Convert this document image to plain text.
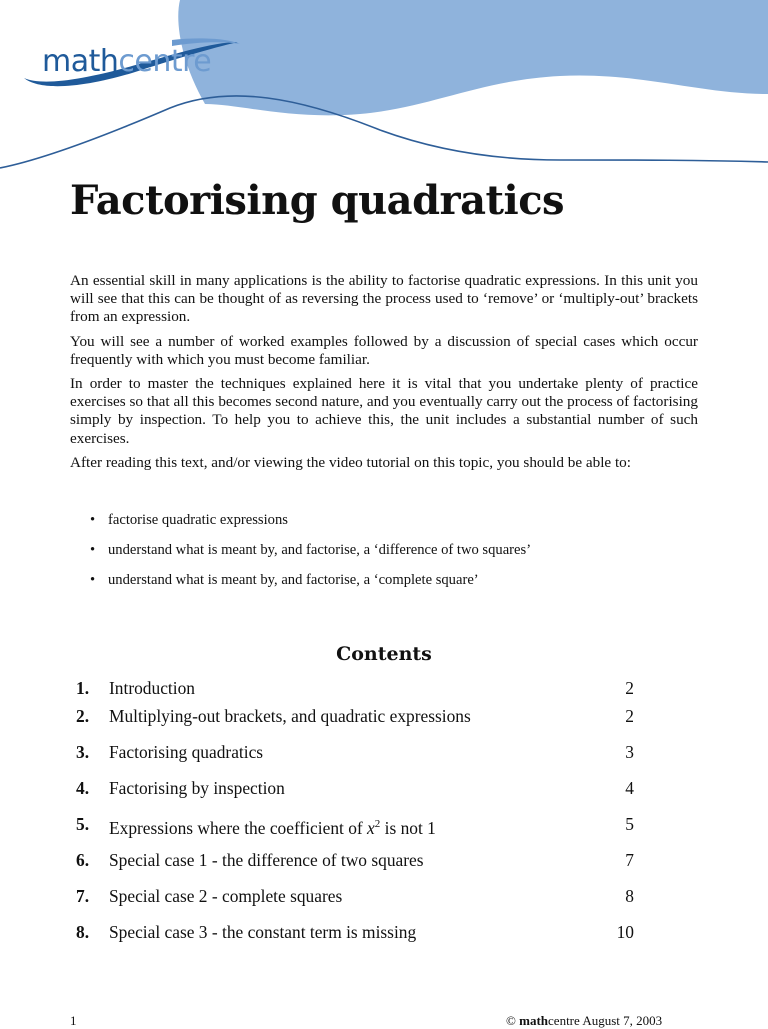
mathcentre
Factorising quadratics

An essential skill in many applications is the ability to factorise quadratic expressions. In this unit you will see that this can be thought of as reversing the process used to ‘remove’ or ‘multiply-out’ brackets from an expression.

You will see a number of worked examples followed by a discussion of special cases which occur frequently with which you must become familiar.

In order to master the techniques explained here it is vital that you undertake plenty of practice exercises so that all this becomes second nature, and you eventually carry out the process of factorising simply by inspection. To help you to achieve this, the unit includes a substantial number of such exercises.

After reading this text, and/or viewing the video tutorial on this topic, you should be able to:

• factorise quadratic expressions
• understand what is meant by, and factorise, a ‘difference of two squares’
• understand what is meant by, and factorise, a ‘complete square’
Contents
1. Introduction	2
2. Multiplying-out brackets, and quadratic expressions	2
3. Factorising quadratics	3
4. Factorising by inspection	4
5. Expressions where the coefficient of $x^2$ is not 1	5
6. Special case 1 - the difference of two squares	7
7. Special case 2 - complete squares	8
8. Special case 3 - the constant term is missing	10
1	© mathcentre August 7, 2003
